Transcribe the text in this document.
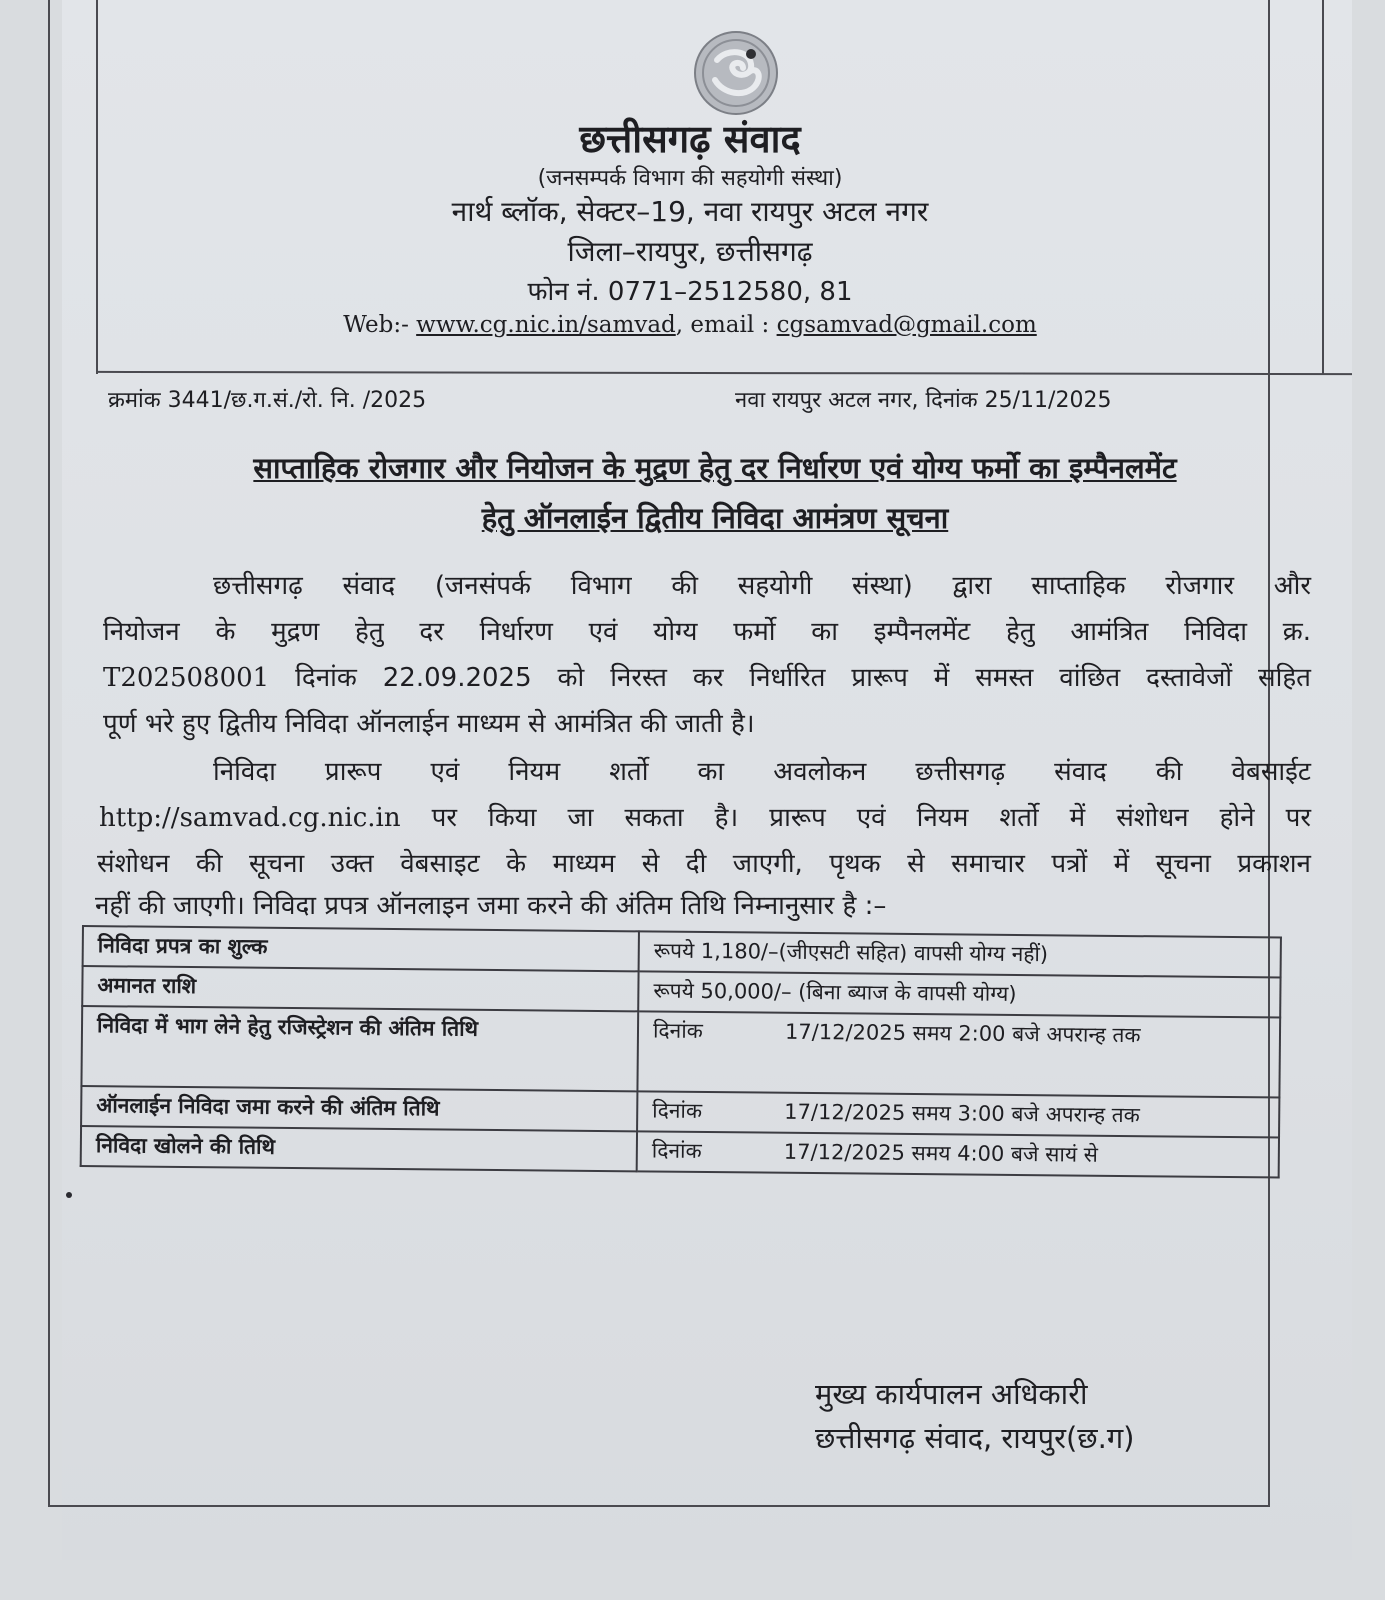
छत्तीसगढ़ संवाद
(जनसम्पर्क विभाग की सहयोगी संस्था)
नार्थ ब्लॉक, सेक्टर–19, नवा रायपुर अटल नगर
जिला–रायपुर, छत्तीसगढ़
फोन नं. 0771–2512580, 81
Web:- www.cg.nic.in/samvad, email : cgsamvad@gmail.com
क्रमांक 3441/छ.ग.सं./रो. नि. /2025	नवा रायपुर अटल नगर, दिनांक 25/11/2025
साप्ताहिक रोजगार और नियोजन के मुद्रण हेतु दर निर्धारण एवं योग्य फर्मो का इम्पैनलमेंट
हेतु ऑनलाईन द्वितीय निविदा आमंत्रण सूचना
छत्तीसगढ़ संवाद (जनसंपर्क विभाग की सहयोगी संस्था) द्वारा साप्ताहिक रोजगार और
नियोजन के मुद्रण हेतु दर निर्धारण एवं योग्य फर्मो का इम्पैनलमेंट हेतु आमंत्रित निविदा क्र.
T202508001 दिनांक 22.09.2025 को निरस्त कर निर्धारित प्रारूप में समस्त वांछित दस्तावेजों सहित
पूर्ण भरे हुए द्वितीय निविदा ऑनलाईन माध्यम से आमंत्रित की जाती है।
निविदा प्रारूप एवं नियम शर्तो का अवलोकन छत्तीसगढ़ संवाद की वेबसाईट
http://samvad.cg.nic.in पर किया जा सकता है। प्रारूप एवं नियम शर्तो में संशोधन होने पर
संशोधन की सूचना उक्त वेबसाइट के माध्यम से दी जाएगी, पृथक से समाचार पत्रों में सूचना प्रकाशन
नहीं की जाएगी। निविदा प्रपत्र ऑनलाइन जमा करने की अंतिम तिथि निम्नानुसार है :–
निविदा प्रपत्र का शुल्क	रूपये 1,180/–(जीएसटी सहित) वापसी योग्य नहीं)
अमानत राशि	रूपये 50,000/– (बिना ब्याज के वापसी योग्य)
निविदा में भाग लेने हेतु रजिस्ट्रेशन की अंतिम तिथि	दिनांक 17/12/2025 समय 2:00 बजे अपरान्ह तक
ऑनलाईन निविदा जमा करने की अंतिम तिथि	दिनांक 17/12/2025 समय 3:00 बजे अपरान्ह तक
निविदा खोलने की तिथि	दिनांक 17/12/2025 समय 4:00 बजे सायं से
मुख्य कार्यपालन अधिकारी
छत्तीसगढ़ संवाद, रायपुर(छ.ग)
